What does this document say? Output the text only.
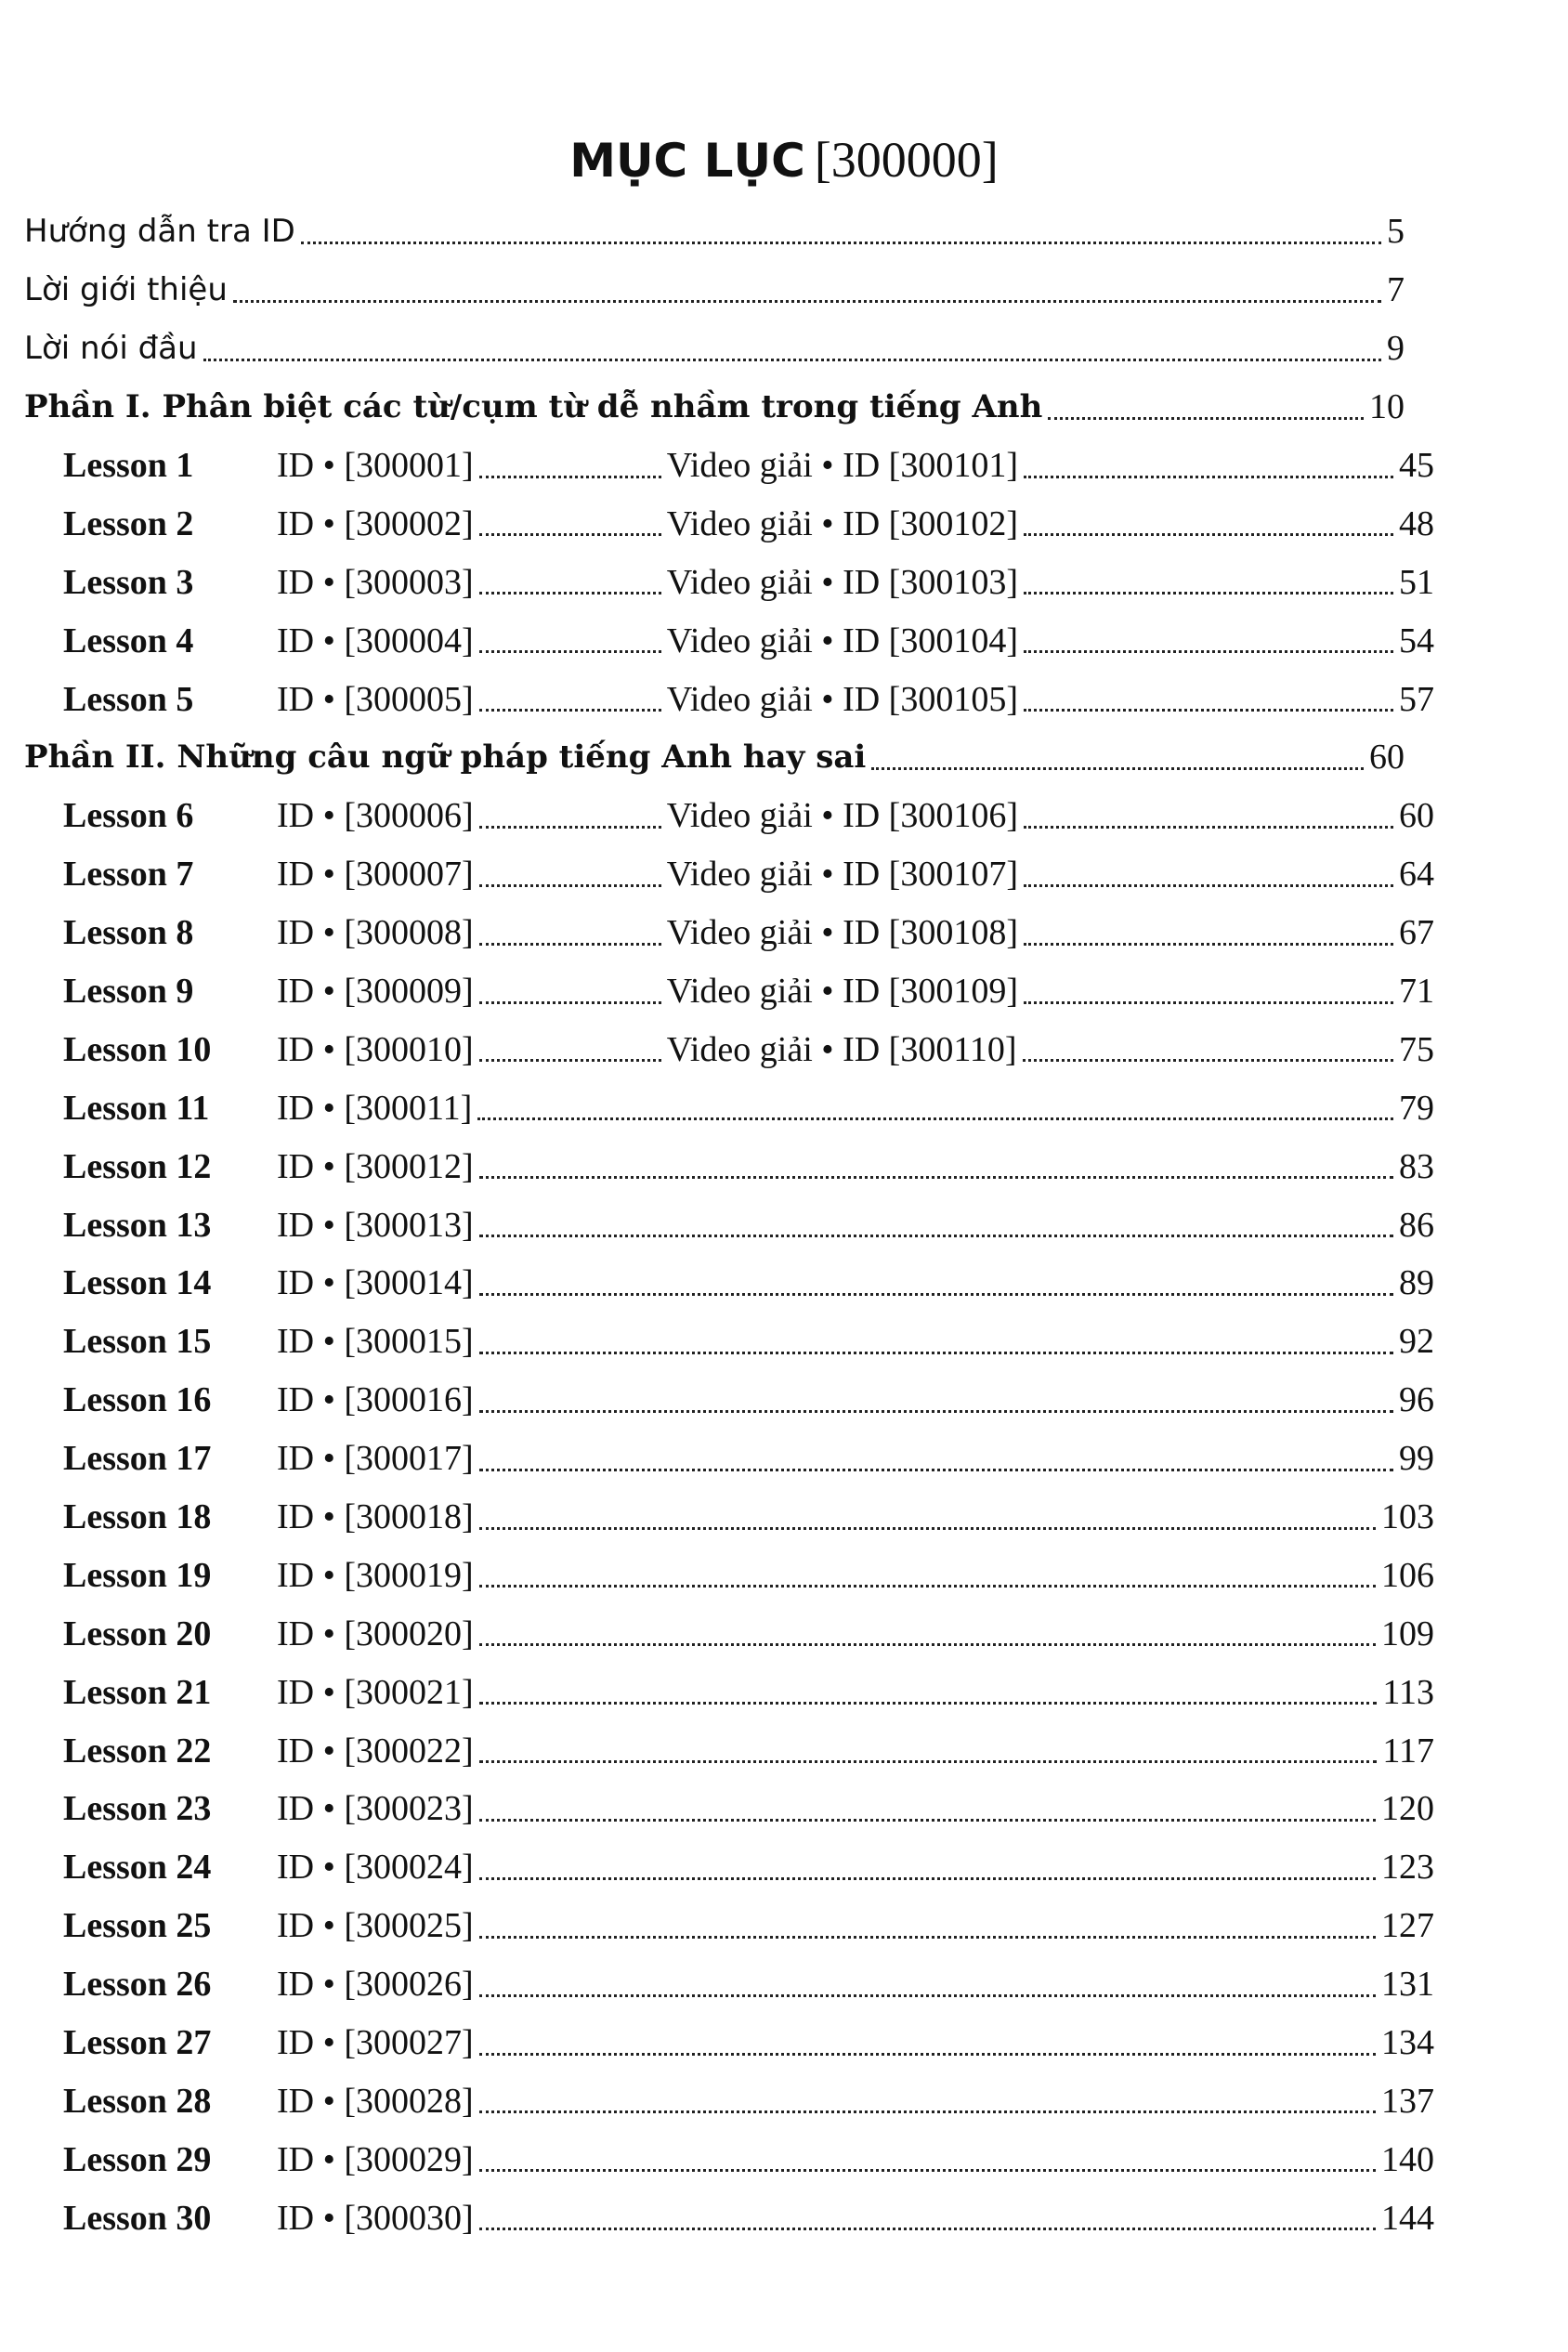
MỤC LỤC [300000]
Hướng dẫn tra ID	5
Lời giới thiệu	7
Lời nói đầu	9
Phần I. Phân biệt các từ/cụm từ dễ nhầm trong tiếng Anh	10
Lesson 1	ID • [300001]	Video giải • ID [300101]	45
Lesson 2	ID • [300002]	Video giải • ID [300102]	48
Lesson 3	ID • [300003]	Video giải • ID [300103]	51
Lesson 4	ID • [300004]	Video giải • ID [300104]	54
Lesson 5	ID • [300005]	Video giải • ID [300105]	57
Phần II. Những câu ngữ pháp tiếng Anh hay sai	60
Lesson 6	ID • [300006]	Video giải • ID [300106]	60
Lesson 7	ID • [300007]	Video giải • ID [300107]	64
Lesson 8	ID • [300008]	Video giải • ID [300108]	67
Lesson 9	ID • [300009]	Video giải • ID [300109]	71
Lesson 10	ID • [300010]	Video giải • ID [300110]	75
Lesson 11	ID • [300011]	79
Lesson 12	ID • [300012]	83
Lesson 13	ID • [300013]	86
Lesson 14	ID • [300014]	89
Lesson 15	ID • [300015]	92
Lesson 16	ID • [300016]	96
Lesson 17	ID • [300017]	99
Lesson 18	ID • [300018]	103
Lesson 19	ID • [300019]	106
Lesson 20	ID • [300020]	109
Lesson 21	ID • [300021]	113
Lesson 22	ID • [300022]	117
Lesson 23	ID • [300023]	120
Lesson 24	ID • [300024]	123
Lesson 25	ID • [300025]	127
Lesson 26	ID • [300026]	131
Lesson 27	ID • [300027]	134
Lesson 28	ID • [300028]	137
Lesson 29	ID • [300029]	140
Lesson 30	ID • [300030]	144
